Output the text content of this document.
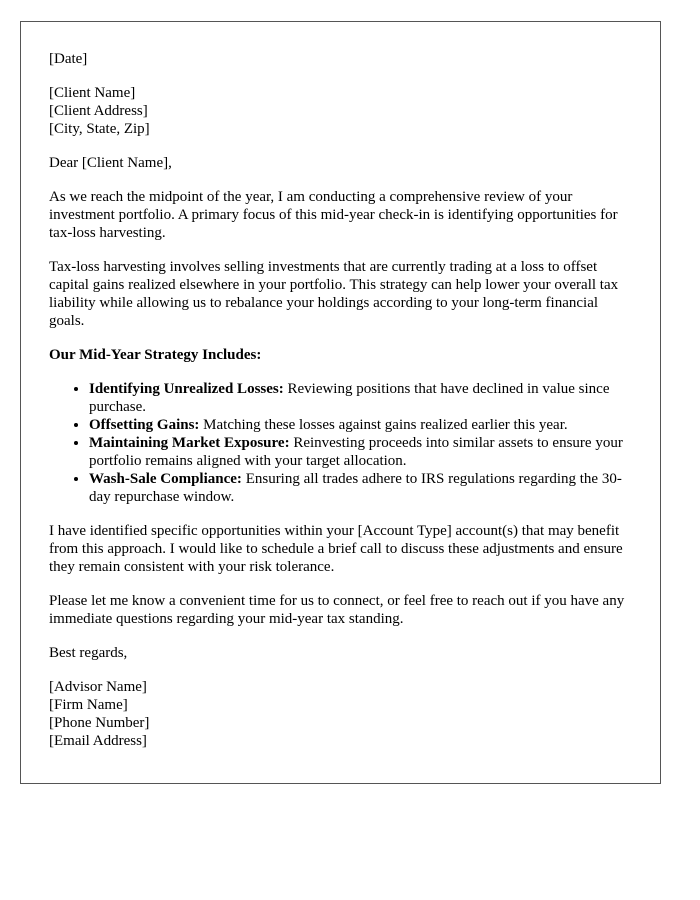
[Date]

[Client Name]
[Client Address]
[City, State, Zip]

Dear [Client Name],

As we reach the midpoint of the year, I am conducting a comprehensive review of your investment portfolio. A primary focus of this mid-year check-in is identifying opportunities for tax-loss harvesting.

Tax-loss harvesting involves selling investments that are currently trading at a loss to offset capital gains realized elsewhere in your portfolio. This strategy can help lower your overall tax liability while allowing us to rebalance your holdings according to your long-term financial goals.

Our Mid-Year Strategy Includes:

• Identifying Unrealized Losses: Reviewing positions that have declined in value since purchase.
• Offsetting Gains: Matching these losses against gains realized earlier this year.
• Maintaining Market Exposure: Reinvesting proceeds into similar assets to ensure your portfolio remains aligned with your target allocation.
• Wash-Sale Compliance: Ensuring all trades adhere to IRS regulations regarding the 30-day repurchase window.

I have identified specific opportunities within your [Account Type] account(s) that may benefit from this approach. I would like to schedule a brief call to discuss these adjustments and ensure they remain consistent with your risk tolerance.

Please let me know a convenient time for us to connect, or feel free to reach out if you have any immediate questions regarding your mid-year tax standing.

Best regards,

[Advisor Name]
[Firm Name]
[Phone Number]
[Email Address]
